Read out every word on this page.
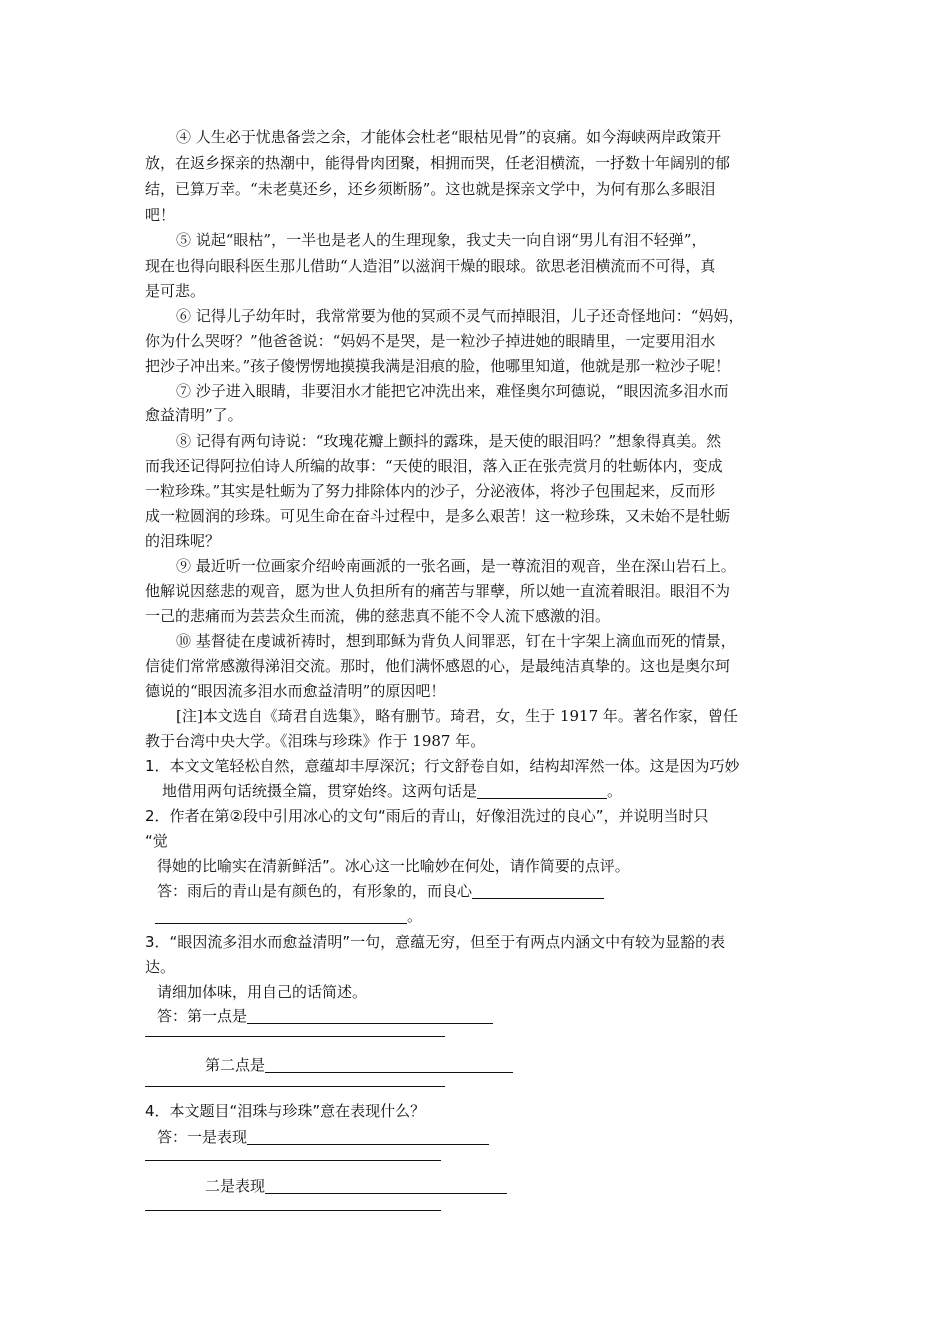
④ 人生必于忧患备尝之余，才能体会杜老“眼枯见骨”的哀痛。如今海峡两岸政策开
放，在返乡探亲的热潮中，能得骨肉团聚，相拥而哭，任老泪横流，一抒数十年阔别的郁
结，已算万幸。“未老莫还乡，还乡须断肠”。这也就是探亲文学中，为何有那么多眼泪
吧！
⑤ 说起“眼枯”，一半也是老人的生理现象，我丈夫一向自诩“男儿有泪不轻弹”，
现在也得向眼科医生那儿借助“人造泪”以滋润干燥的眼球。欲思老泪横流而不可得，真
是可悲。
⑥ 记得儿子幼年时，我常常要为他的冥顽不灵气而掉眼泪，儿子还奇怪地问：“妈妈，
你为什么哭呀？”他爸爸说：“妈妈不是哭，是一粒沙子掉进她的眼睛里，一定要用泪水
把沙子冲出来。”孩子傻愣愣地摸摸我满是泪痕的脸，他哪里知道，他就是那一粒沙子呢！
⑦ 沙子进入眼睛，非要泪水才能把它冲洗出来，难怪奥尔珂德说，“眼因流多泪水而
愈益清明”了。
⑧ 记得有两句诗说：“玫瑰花瓣上颤抖的露珠，是天使的眼泪吗？”想象得真美。然
而我还记得阿拉伯诗人所编的故事：“天使的眼泪，落入正在张壳赏月的牡蛎体内，变成
一粒珍珠。”其实是牡蛎为了努力排除体内的沙子，分泌液体，将沙子包围起来，反而形
成一粒圆润的珍珠。可见生命在奋斗过程中，是多么艰苦！这一粒珍珠，又未始不是牡蛎
的泪珠呢？
⑨ 最近听一位画家介绍岭南画派的一张名画，是一尊流泪的观音，坐在深山岩石上。
他解说因慈悲的观音，愿为世人负担所有的痛苦与罪孽，所以她一直流着眼泪。眼泪不为
一己的悲痛而为芸芸众生而流，佛的慈悲真不能不令人流下感激的泪。
⑩ 基督徒在虔诚祈祷时，想到耶稣为背负人间罪恶，钉在十字架上滴血而死的情景，
信徒们常常感激得涕泪交流。那时，他们满怀感恩的心，是最纯洁真挚的。这也是奥尔珂
德说的“眼因流多泪水而愈益清明”的原因吧！
[注]本文选自《琦君自选集》，略有删节。琦君，女，生于 1917 年。著名作家，曾任
教于台湾中央大学。《泪珠与珍珠》作于 1987 年。
1．本文文笔轻松自然，意蕴却丰厚深沉；行文舒卷自如，结构却浑然一体。这是因为巧妙
地借用两句话统摄全篇，贯穿始终。这两句话是	。
2．作者在第②段中引用冰心的文句“雨后的青山，好像泪洗过的良心”，并说明当时只
“觉
得她的比喻实在清新鲜活”。冰心这一比喻妙在何处，请作简要的点评。
答：雨后的青山是有颜色的，有形象的，而良心
。
3．“眼因流多泪水而愈益清明”一句，意蕴无穷，但至于有两点内涵文中有较为显豁的表
达。
请细加体味，用自己的话简述。
答：第一点是
第二点是
4．本文题目“泪珠与珍珠”意在表现什么？
答：一是表现
二是表现
